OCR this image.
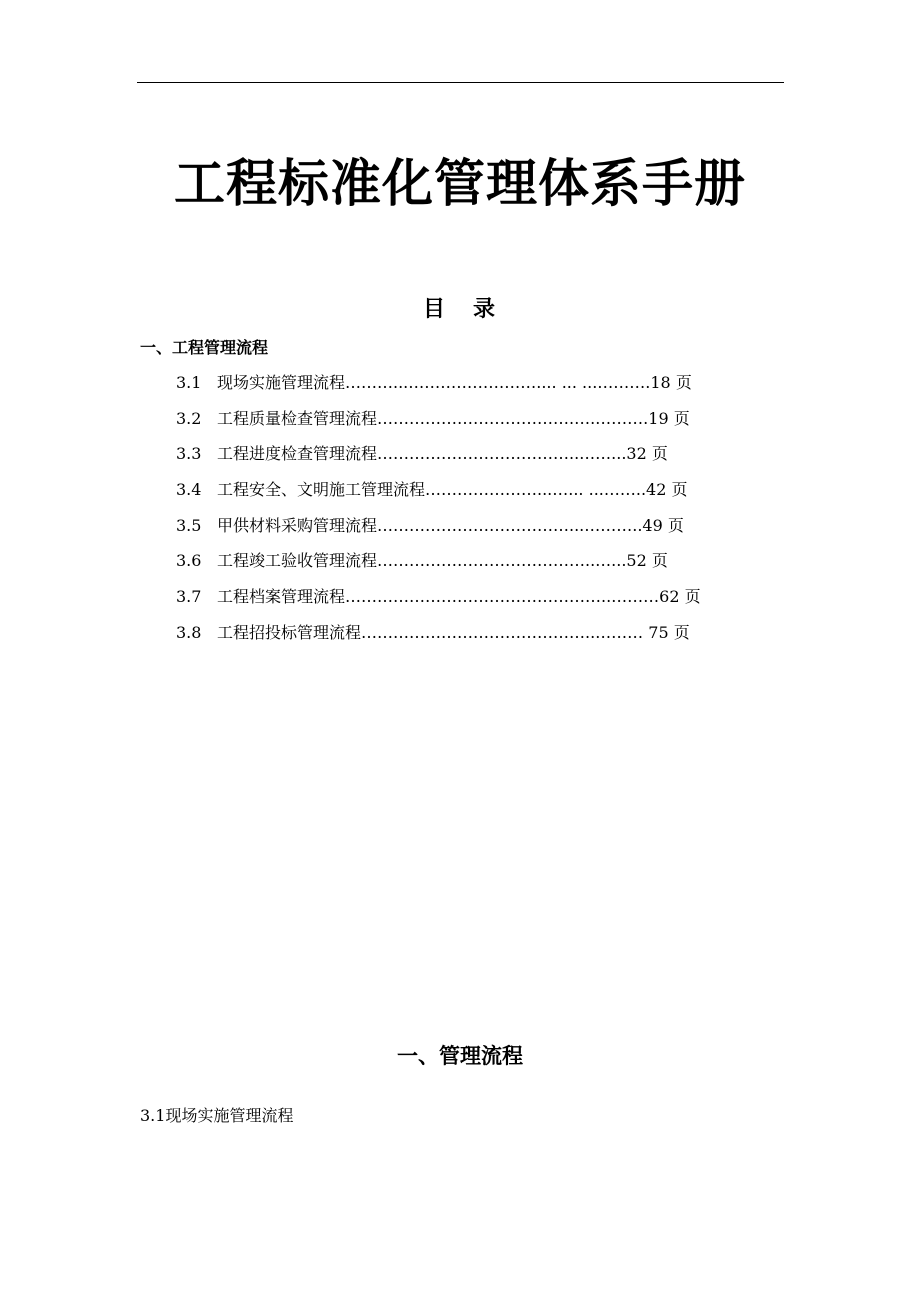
工程标准化管理体系手册
目 录
一、工程管理流程
3.1 现场实施管理流程………...…………………….... ... ...……….18 页
3.2 工程质量检查管理流程……………………………….….……….19 页
3.3 工程进度检查管理流程………………………………..……...32 页
3.4 工程安全、文明施工管理流程…………………...…... ...……..42 页
3.5 甲供材料采购管理流程………………………………...………..49 页
3.6 工程竣工验收管理流程…………………………………..…...52 页
3.7 工程档案管理流程…………………………………………..………62 页
3.8 工程招投标管理流程……………………………………..……… 75 页
一、管理流程
3.1现场实施管理流程
